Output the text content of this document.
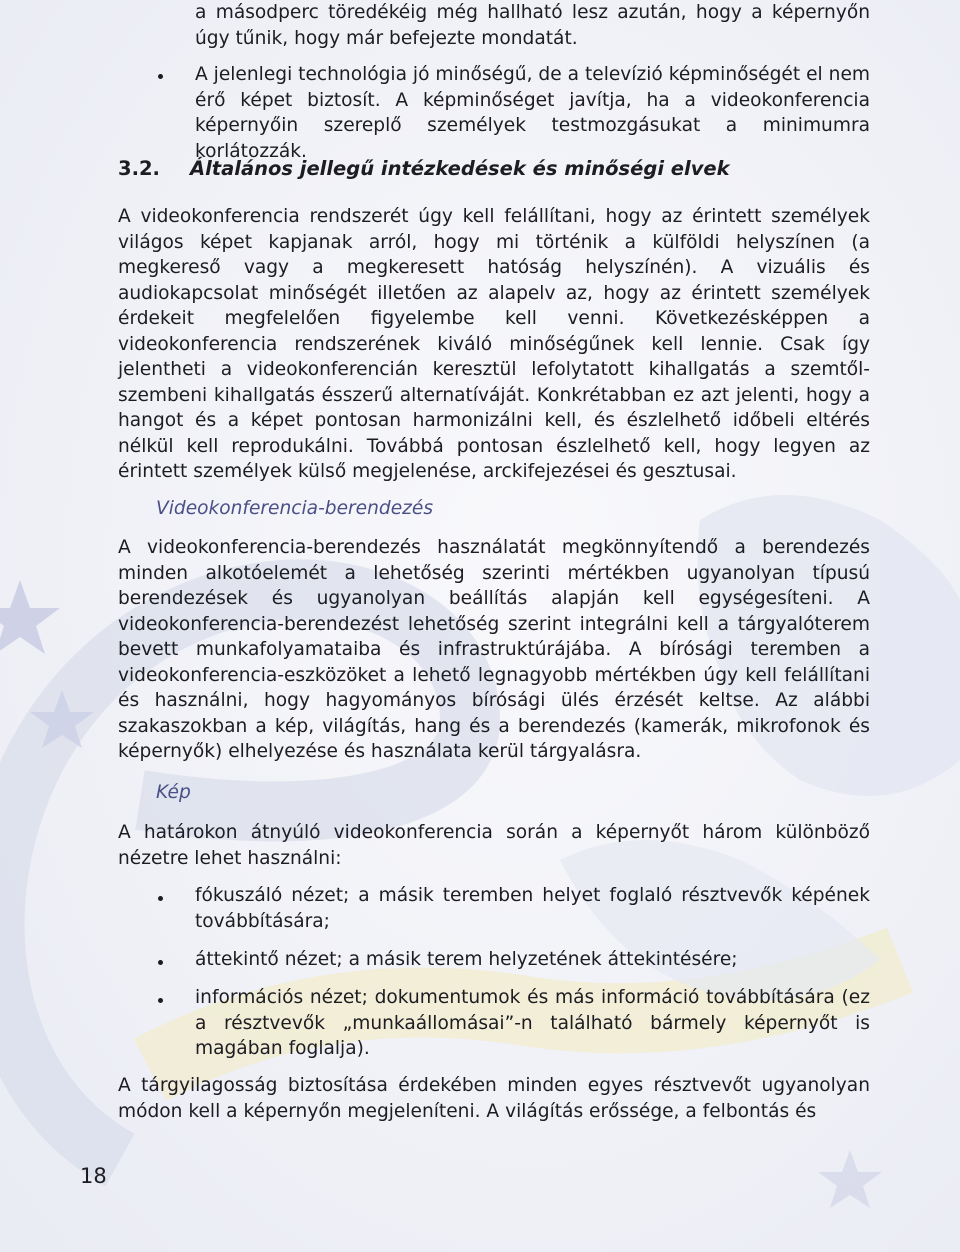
a másodperc töredékéig még hallható lesz azután, hogy a képernyőn úgy tűnik, hogy már befejezte mondatát.

A jelenlegi technológia jó minőségű, de a televízió képminőségét el nem érő képet biztosít. A képminőséget javítja, ha a videokonferencia képernyőin szereplő személyek testmozgásukat a minimumra korlátozzák.

3.2. Általános jellegű intézkedések és minőségi elvek

A videokonferencia rendszerét úgy kell felállítani, hogy az érintett személyek világos képet kapjanak arról, hogy mi történik a külföldi helyszínen (a megkereső vagy a megkeresett hatóság helyszínén). A vizuális és audiokapcsolat minőségét illetően az alapelv az, hogy az érintett személyek érdekeit megfelelően figyelembe kell venni. Következésképpen a videokonferencia rendszerének kiváló minőségűnek kell lennie. Csak így jelentheti a videokonferencián keresztül lefolytatott kihallgatás a szemtől-szembeni kihallgatás ésszerű alternatíváját. Konkrétabban ez azt jelenti, hogy a hangot és a képet pontosan harmonizálni kell, és észlelhető időbeli eltérés nélkül kell reprodukálni. Továbbá pontosan észlelhető kell, hogy legyen az érintett személyek külső megjelenése, arckifejezései és gesztusai.

Videokonferencia-berendezés

A videokonferencia-berendezés használatát megkönnyítendő a berendezés minden alkotóelemét a lehetőség szerinti mértékben ugyanolyan típusú berendezések és ugyanolyan beállítás alapján kell egységesíteni. A videokonferencia-berendezést lehetőség szerint integrálni kell a tárgyalóterem bevett munkafolyamataiba és infrastruktúrájába. A bírósági teremben a videokonferencia-eszközöket a lehető legnagyobb mértékben úgy kell felállítani és használni, hogy hagyományos bírósági ülés érzését keltse. Az alábbi szakaszokban a kép, világítás, hang és a berendezés (kamerák, mikrofonok és képernyők) elhelyezése és használata kerül tárgyalásra.

Kép

A határokon átnyúló videokonferencia során a képernyőt három különböző nézetre lehet használni:

fókuszáló nézet; a másik teremben helyet foglaló résztvevők képének továbbítására;

áttekintő nézet; a másik terem helyzetének áttekintésére;

információs nézet; dokumentumok és más információ továbbítására (ez a résztvevők „munkaállomásai”-n található bármely képernyőt is magában foglalja).

A tárgyilagosság biztosítása érdekében minden egyes résztvevőt ugyanolyan módon kell a képernyőn megjeleníteni. A világítás erőssége, a felbontás és

18
